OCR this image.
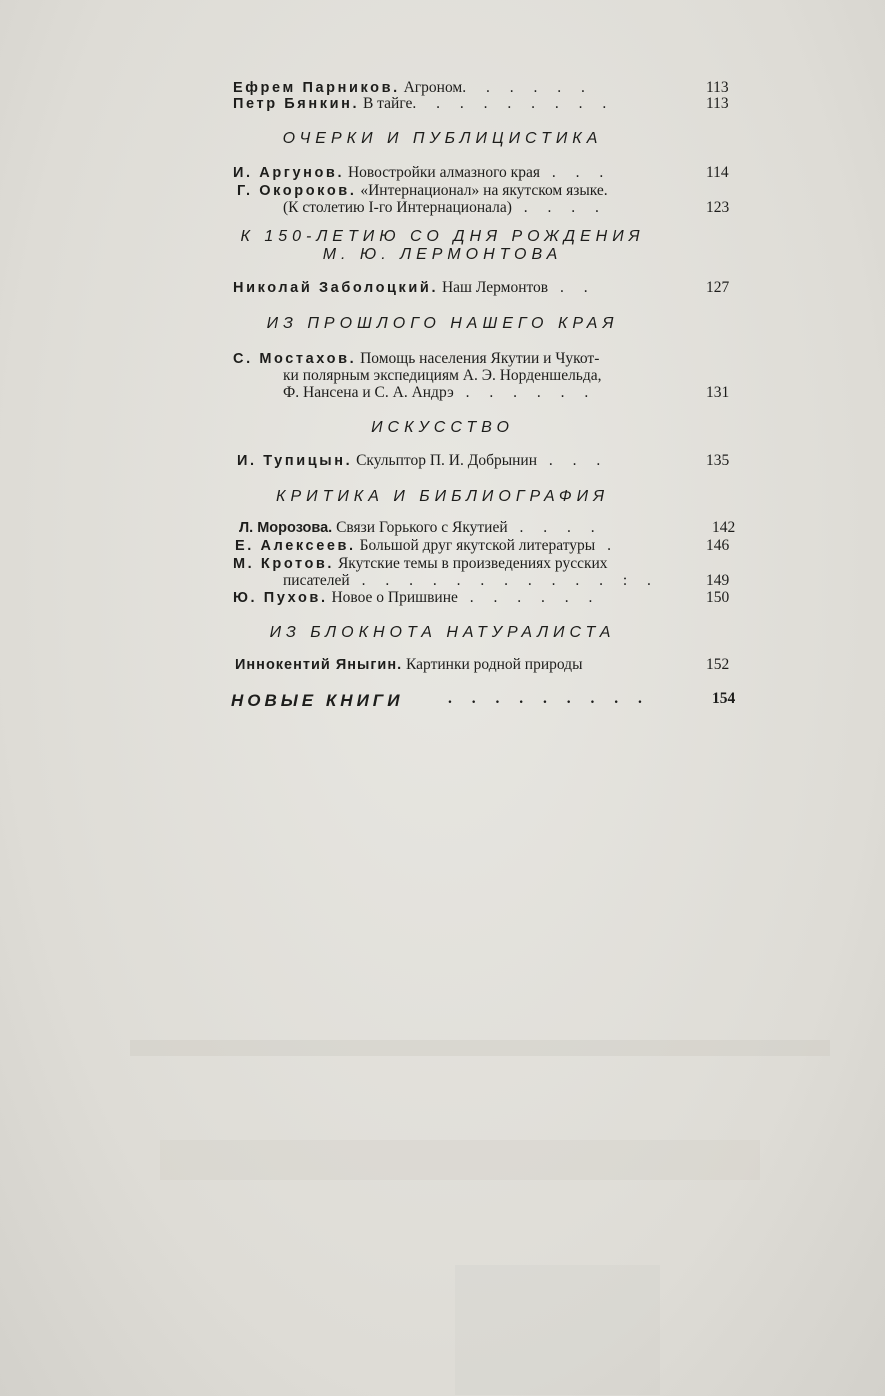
Ефрем Парников. Агроном. . . . . .	113
Петр Бянкин. В тайге. . . . . . . . .	113
ОЧЕРКИ И ПУБЛИЦИСТИКА
И. Аргунов. Новостройки алмазного края . . .	114
Г. Окороков. «Интернационал» на якутском языке.
(К столетию I-го Интернационала) . . . .	123
К 150-ЛЕТИЮ СО ДНЯ РОЖДЕНИЯ
М. Ю. ЛЕРМОНТОВА
Николай Заболоцкий. Наш Лермонтов . .	127
ИЗ ПРОШЛОГО НАШЕГО КРАЯ
С. Мостахов. Помощь населения Якутии и Чукот-
ки полярным экспедициям А. Э. Норденшельда,
Ф. Нансена и С. А. Андрэ . . . . . .	131
ИСКУССТВО
И. Тупицын. Скульптор П. И. Добрынин . . .	135
КРИТИКА И БИБЛИОГРАФИЯ
Л. Морозова. Связи Горького с Якутией . . . .	142
Е. Алексеев. Большой друг якутской литературы .	146
М. Кротов. Якутские темы в произведениях русских
писателей . . . . . . . . . . . : .	149
Ю. Пухов. Новое о Пришвине . . . . . .	150
ИЗ БЛОКНОТА НАТУРАЛИСТА
Иннокентий Яныгин. Картинки родной природы	152
НОВЫЕ КНИГИ	. . . . . . . . .	154
